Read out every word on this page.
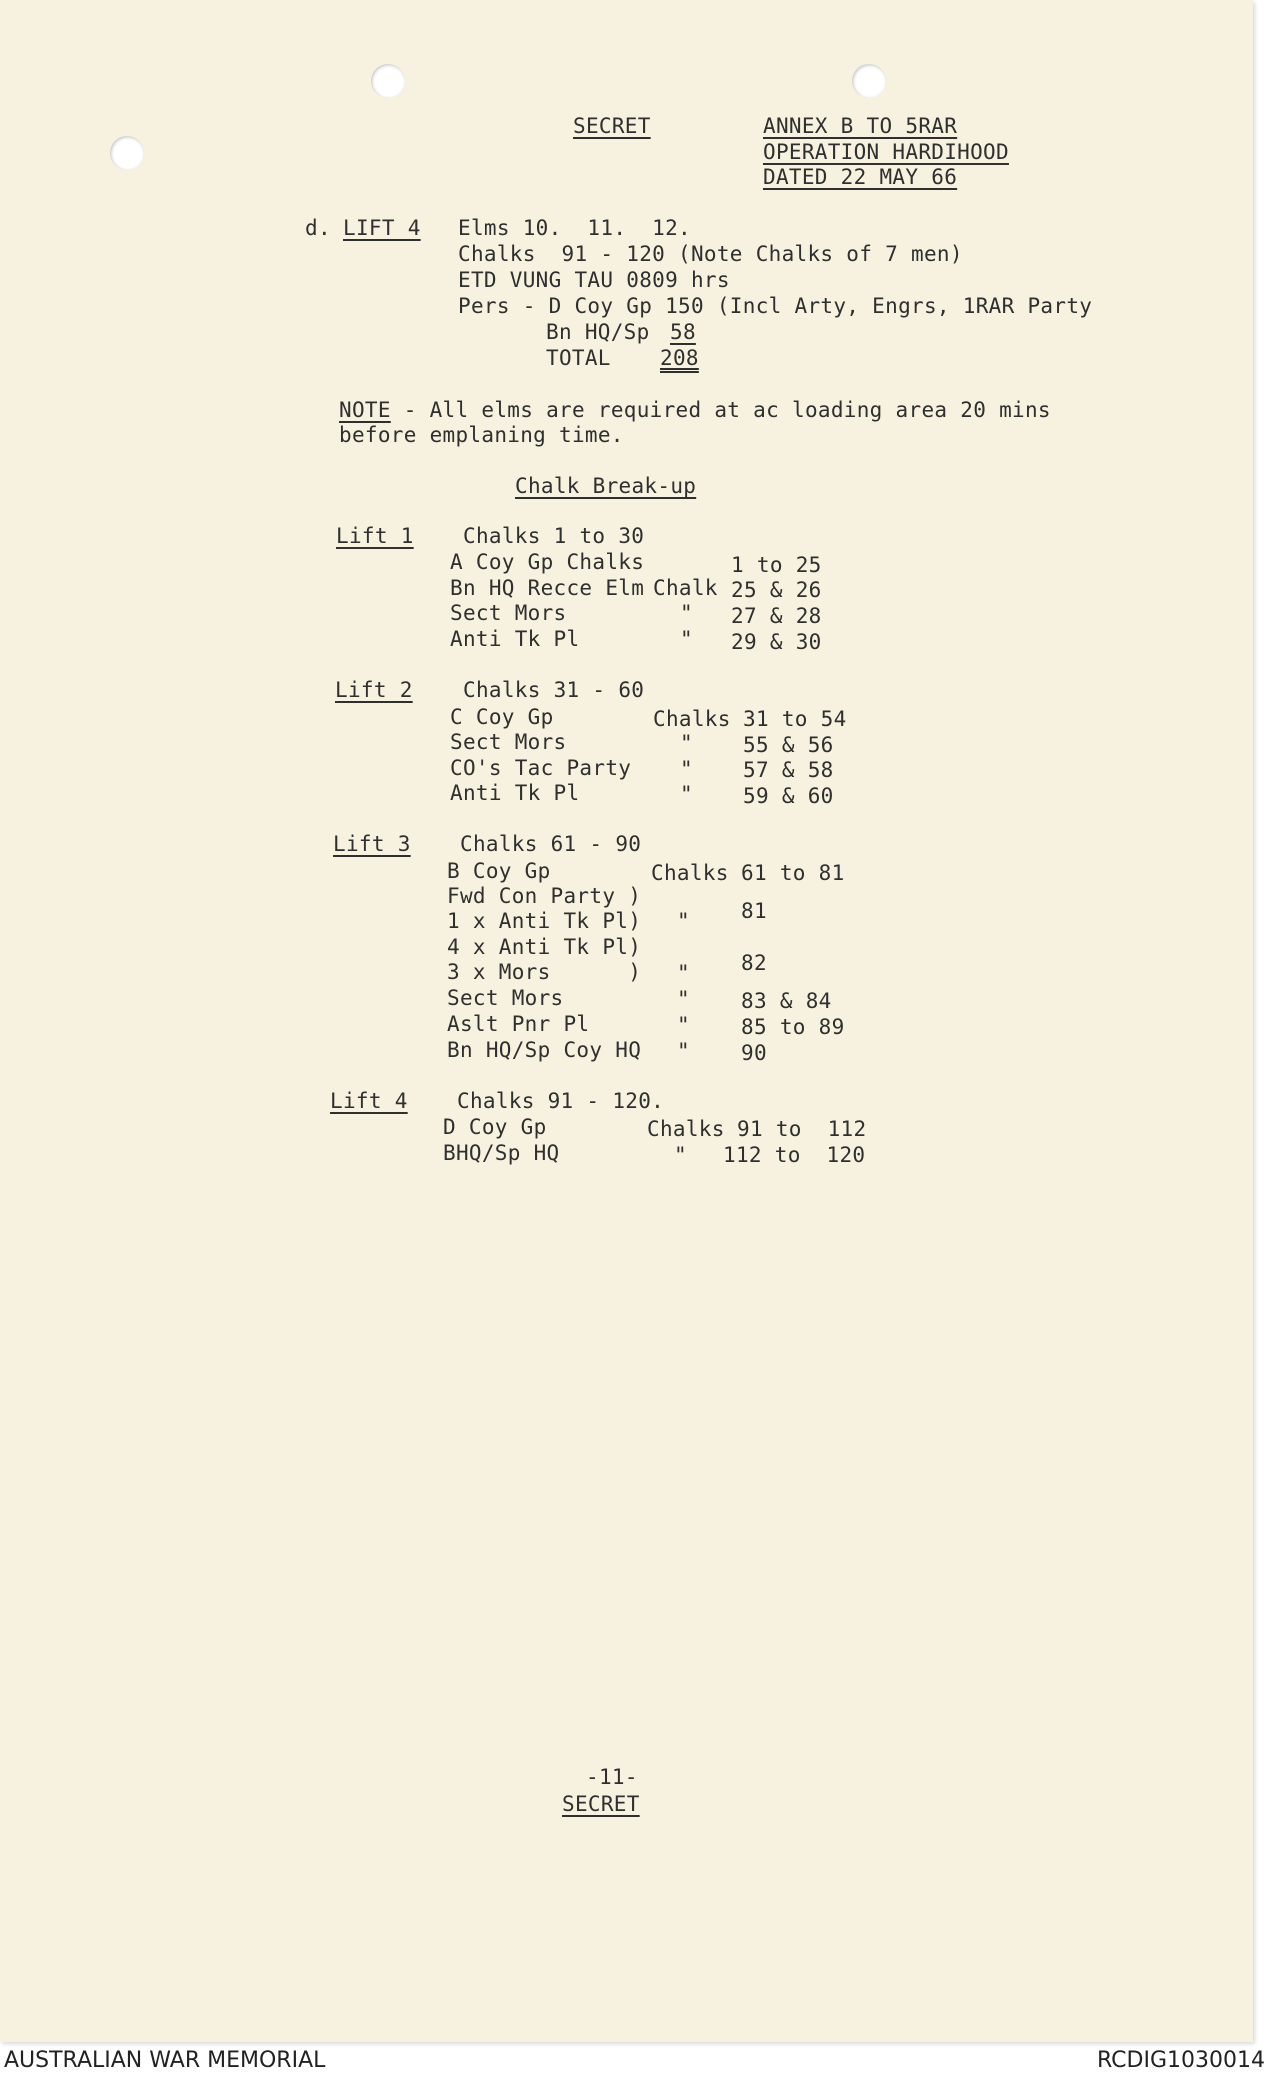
SECRET	ANNEX B TO 5RAR
OPERATION HARDIHOOD
DATED 22 MAY 66
d. LIFT 4 Elms 10.  11.  12.
Chalks  91 - 120 (Note Chalks of 7 men)
ETD VUNG TAU 0809 hrs
Pers - D Coy Gp 150 (Incl Arty, Engrs, 1RAR Party
Bn HQ/Sp 58
TOTAL 208
NOTE - All elms are required at ac loading area 20 mins
before emplaning time.
Chalk Break-up
Lift 1 Chalks 1 to 30
A Coy Gp Chalks	1 to 25
Bn HQ Recce Elm Chalk 25 & 26
Sect Mors	" 27 & 28
Anti Tk Pl	" 29 & 30
Lift 2 Chalks 31 - 60
C Coy Gp	Chalks 31 to 54
Sect Mors	" 55 & 56
CO's Tac Party " 57 & 58
Anti Tk Pl	" 59 & 60
Lift 3 Chalks 61 - 90
B Coy Gp	Chalks 61 to 81
Fwd Con Party )
1 x Anti Tk Pl) " 81
4 x Anti Tk Pl)
3 x Mors      ) " 82
Sect Mors	" 83 & 84
Aslt Pnr Pl	" 85 to 89
Bn HQ/Sp Coy HQ " 90
Lift 4 Chalks 91 - 120.
D Coy Gp	Chalks 91 to  112
BHQ/Sp HQ	" 112 to  120
-11-
SECRET
AUSTRALIAN WAR MEMORIAL	RCDIG1030014
